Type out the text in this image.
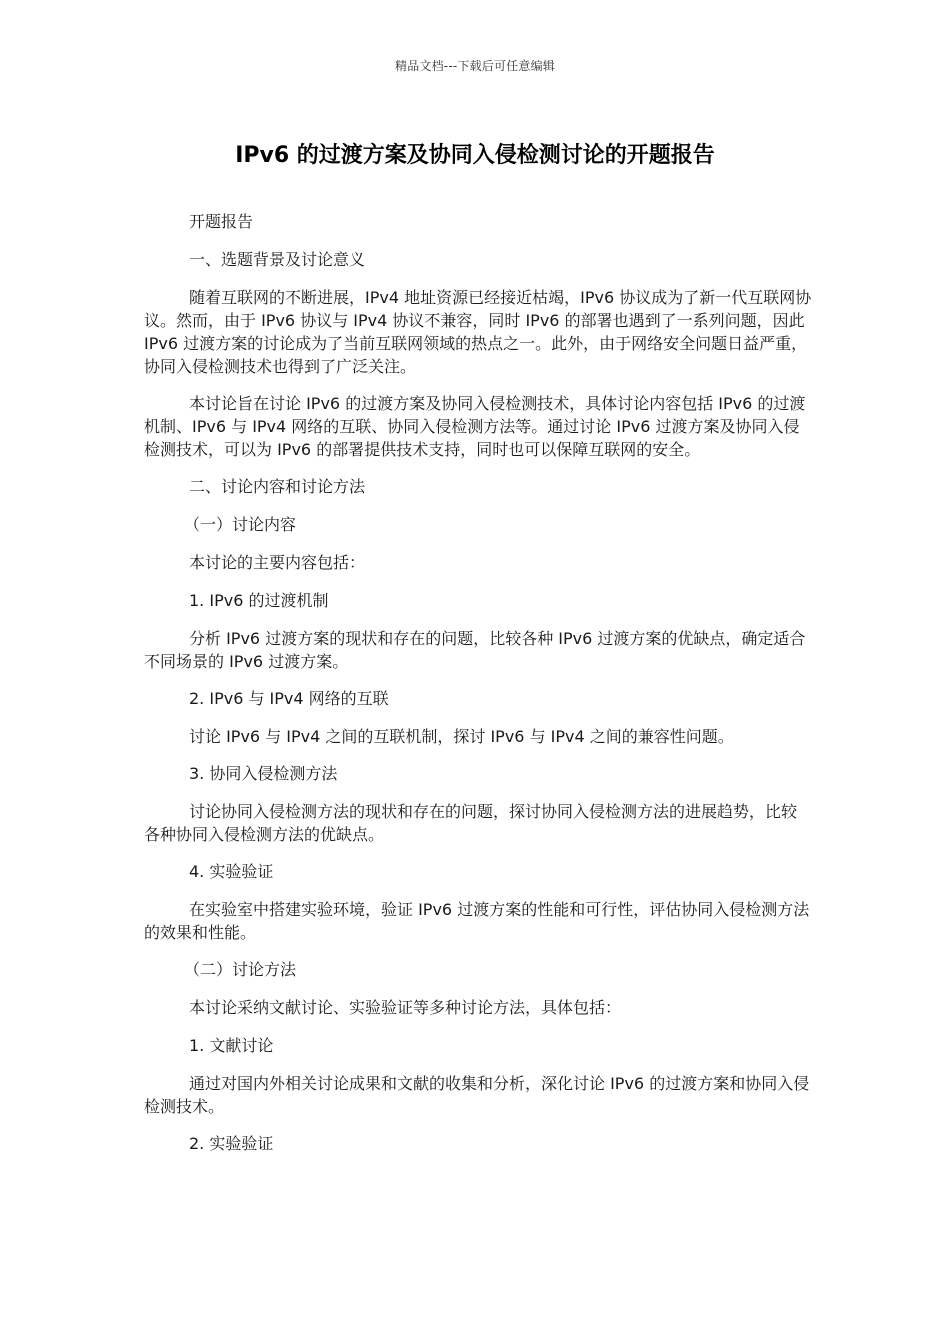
精品文档---下载后可任意编辑
IPv6 的过渡方案及协同入侵检测讨论的开题报告

开题报告

一、选题背景及讨论意义

随着互联网的不断进展，IPv4 地址资源已经接近枯竭，IPv6 协议成为了新一代互联网协议。然而，由于 IPv6 协议与 IPv4 协议不兼容，同时 IPv6 的部署也遇到了一系列问题，因此 IPv6 过渡方案的讨论成为了当前互联网领域的热点之一。此外，由于网络安全问题日益严重，协同入侵检测技术也得到了广泛关注。

本讨论旨在讨论 IPv6 的过渡方案及协同入侵检测技术，具体讨论内容包括 IPv6 的过渡机制、IPv6 与 IPv4 网络的互联、协同入侵检测方法等。通过讨论 IPv6 过渡方案及协同入侵检测技术，可以为 IPv6 的部署提供技术支持，同时也可以保障互联网的安全。

二、讨论内容和讨论方法

（一）讨论内容

本讨论的主要内容包括：

1. IPv6 的过渡机制

分析 IPv6 过渡方案的现状和存在的问题，比较各种 IPv6 过渡方案的优缺点，确定适合不同场景的 IPv6 过渡方案。

2. IPv6 与 IPv4 网络的互联

讨论 IPv6 与 IPv4 之间的互联机制，探讨 IPv6 与 IPv4 之间的兼容性问题。

3. 协同入侵检测方法

讨论协同入侵检测方法的现状和存在的问题，探讨协同入侵检测方法的进展趋势，比较各种协同入侵检测方法的优缺点。

4. 实验验证

在实验室中搭建实验环境，验证 IPv6 过渡方案的性能和可行性，评估协同入侵检测方法的效果和性能。

（二）讨论方法

本讨论采纳文献讨论、实验验证等多种讨论方法，具体包括：

1. 文献讨论

通过对国内外相关讨论成果和文献的收集和分析，深化讨论 IPv6 的过渡方案和协同入侵检测技术。

2. 实验验证
